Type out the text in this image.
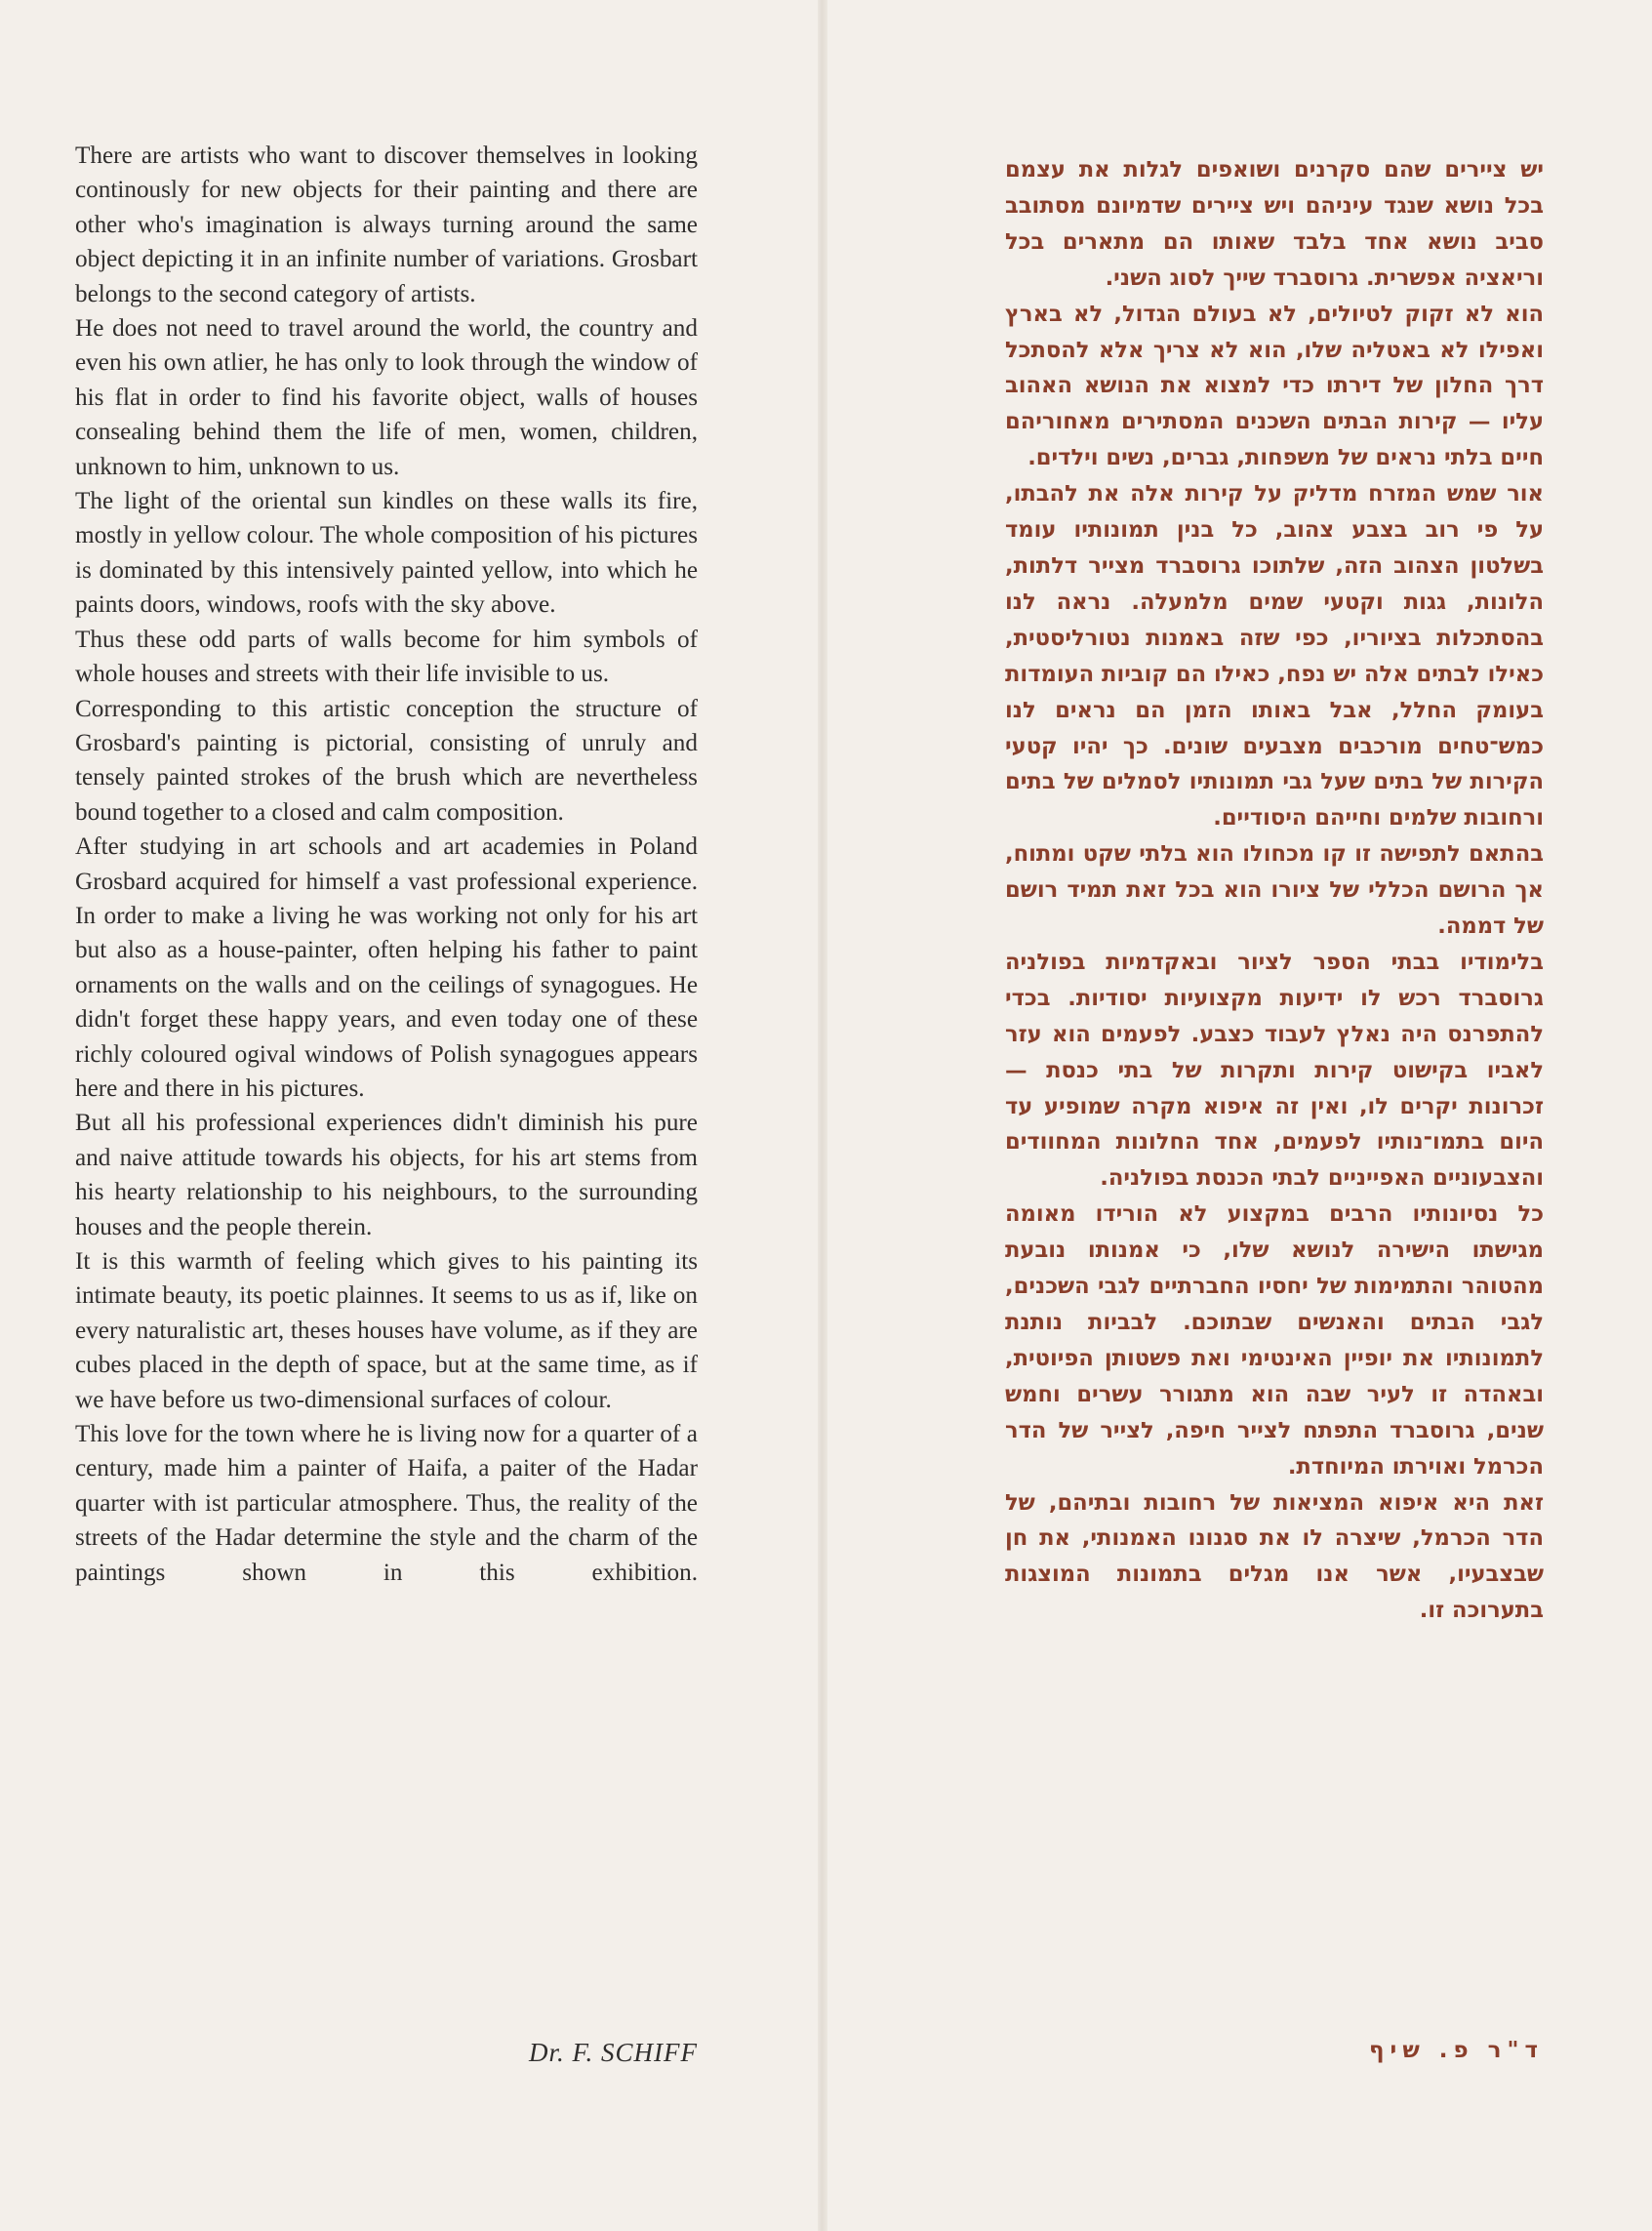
There are artists who want to discover themselves in looking continously for new objects for their painting and there are other who's imagination is always turning around the same object depicting it in an infinite number of variations. Grosbart belongs to the second category of artists.

He does not need to travel around the world, the country and even his own atlier, he has only to look through the window of his flat in order to find his favorite object, walls of houses consealing behind them the life of men, women, children, unknown to him, unknown to us.

The light of the oriental sun kindles on these walls its fire, mostly in yellow colour. The whole composition of his pictures is dominated by this intensively painted yellow, into which he paints doors, windows, roofs with the sky above.

Thus these odd parts of walls become for him symbols of whole houses and streets with their life invisible to us.

Corresponding to this artistic conception the structure of Grosbard's painting is pictorial, consisting of unruly and tensely painted strokes of the brush which are nevertheless bound together to a closed and calm composition.

After studying in art schools and art academies in Poland Grosbard acquired for himself a vast professional experience. In order to make a living he was working not only for his art but also as a house-painter, often helping his father to paint ornaments on the walls and on the ceilings of synagogues. He didn't forget these happy years, and even today one of these richly coloured ogival windows of Polish synagogues appears here and there in his pictures.

But all his professional experiences didn't diminish his pure and naive attitude towards his objects, for his art stems from his hearty relationship to his neighbours, to the surrounding houses and the people therein.

It is this warmth of feeling which gives to his painting its intimate beauty, its poetic plainnes. It seems to us as if, like on every naturalistic art, theses houses have volume, as if they are cubes placed in the depth of space, but at the same time, as if we have before us two-dimensional surfaces of colour.

This love for the town where he is living now for a quarter of a century, made him a painter of Haifa, a paiter of the Hadar quarter with ist particular atmosphere. Thus, the reality of the streets of the Hadar determine the style and the charm of the paintings shown in this exhibition.

Dr. F. SCHIFF

יש ציירים שהם סקרנים ושואפים לגלות את עצמם בכל נושא שנגד עיניהם ויש ציירים שדמיונם מסתובב סביב נושא אחד בלבד שאותו הם מתארים בכל וריאציה אפשרית. גרוסברד שייך לסוג השני.

הוא לא זקוק לטיולים, לא בעולם הגדול, לא בארץ ואפילו לא באטליה שלו, הוא לא צריך אלא להסתכל דרך החלון של דירתו כדי למצוא את הנושא האהוב עליו — קירות הבתים השכנים המסתירים מאחוריהם חיים בלתי נראים של משפחות, גברים, נשים וילדים.

אור שמש המזרח מדליק על קירות אלה את להבתו, על פי רוב בצבע צהוב, כל בנין תמונותיו עומד בשלטון הצהוב הזה, שלתוכו גרוסברד מצייר דלתות, הלונות, גגות וקטעי שמים מלמעלה. נראה לנו בהסתכלות בציוריו, כפי שזה באמנות נטורליסטית, כאילו לבתים אלה יש נפח, כאילו הם קוביות העומדות בעומק החלל, אבל באותו הזמן הם נראים לנו כמש־טחים מורכבים מצבעים שונים. כך יהיו קטעי הקירות של בתים שעל גבי תמונותיו לסמלים של בתים ורחובות שלמים וחייהם היסודיים.

בהתאם לתפישה זו קו מכחולו הוא בלתי שקט ומתוח, אך הרושם הכללי של ציורו הוא בכל זאת תמיד רושם של דממה.

בלימודיו בבתי הספר לציור ובאקדמיות בפולניה גרוסברד רכש לו ידיעות מקצועיות יסודיות. בכדי להתפרנס היה נאלץ לעבוד כצבע. לפעמים הוא עזר לאביו בקישוט קירות ותקרות של בתי כנסת — זכרונות יקרים לו, ואין זה איפוא מקרה שמופיע עד היום בתמו־נותיו לפעמים, אחד החלונות המחוודים והצבעוניים האפייניים לבתי הכנסת בפולניה.

כל נסיונותיו הרבים במקצוע לא הורידו מאומה מגישתו הישירה לנושא שלו, כי אמנותו נובעת מהטוהר והתמימות של יחסיו החברתיים לגבי השכנים, לגבי הבתים והאנשים שבתוכם. לבביות נותנת לתמונותיו את יופיין האינטימי ואת פשטותן הפיוטית, ובאהדה זו לעיר שבה הוא מתגורר עשרים וחמש שנים, גרוסברד התפתח לצייר חיפה, לצייר של הדר הכרמל ואוירתו המיוחדת.

זאת היא איפוא המציאות של רחובות ובתיהם, של הדר הכרמל, שיצרה לו את סגנונו האמנותי, את חן שבצבעיו, אשר אנו מגלים בתמונות המוצגות בתערוכה זו.

ד"ר פ. שיף
